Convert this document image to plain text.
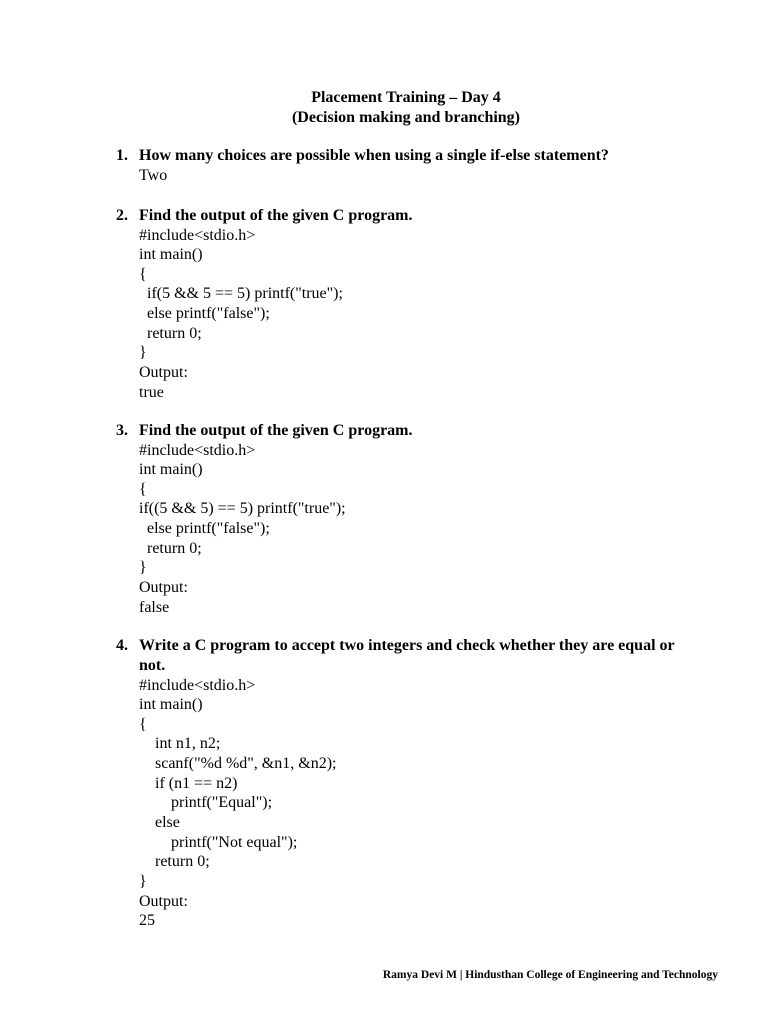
Placement Training – Day 4
(Decision making and branching)
1. How many choices are possible when using a single if-else statement?
Two
2. Find the output of the given C program.
#include<stdio.h>
int main()
{
if(5 && 5 == 5) printf("true");
else printf("false");
return 0;
}
Output:
true
3. Find the output of the given C program.
#include<stdio.h>
int main()
{
if((5 && 5) == 5) printf("true");
else printf("false");
return 0;
}
Output:
false
4. Write a C program to accept two integers and check whether they are equal or not.
#include<stdio.h>
int main()
{
int n1, n2;
scanf("%d %d", &n1, &n2);
if (n1 == n2)
printf("Equal");
else
printf("Not equal");
return 0;
}
Output:
25
Ramya Devi M | Hindusthan College of Engineering and Technology
